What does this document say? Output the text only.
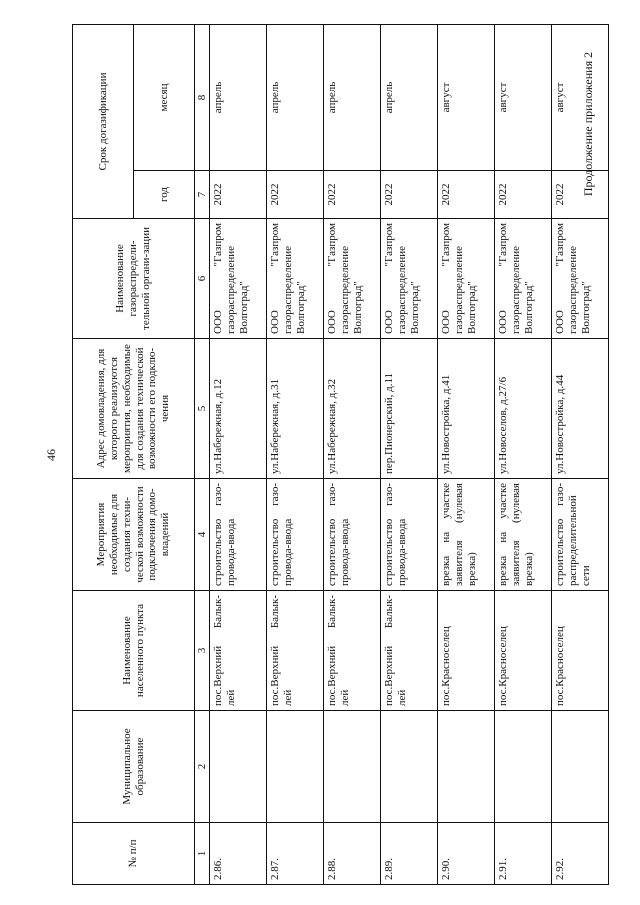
46
Продолжение приложения 2
№ п/п	Муниципальное образование	Наименование населенного пункта	Мероприятия необходимые для создания техни-ческой возможности подключения домо-владений	Адрес домовладения, для которого реализуются мероприятия, необходимые для создания технической возможности его подклю-чения	Наименование газораспредели-тельной органи-зации	Срок догазификации	
						год	месяц
1	2	3	4	5	6	7	8
2.86.		пос.Верхний Балык-лей	строительство газо-провода-ввода	ул.Набережная, д.12	ООО "Газпром газораспределение Волгоград"	2022	апрель
2.87.		пос.Верхний Балык-лей	строительство газо-провода-ввода	ул.Набережная, д.31	ООО "Газпром газораспределение Волгоград"	2022	апрель
2.88.		пос.Верхний Балык-лей	строительство газо-провода-ввода	ул.Набережная, д.32	ООО "Газпром газораспределение Волгоград"	2022	апрель
2.89.		пос.Верхний Балык-лей	строительство газо-провода-ввода	пер.Пионерский, д.11	ООО "Газпром газораспределение Волгоград"	2022	апрель
2.90.		пос.Красноселец	врезка на участке заявителя (нулевая врезка)	ул.Новостройка, д.41	ООО "Газпром газораспределение Волгоград"	2022	август
2.91.		пос.Красноселец	врезка на участке заявителя (нулевая врезка)	ул.Новоселов, д.27/6	ООО "Газпром газораспределение Волгоград"	2022	август
2.92.		пос.Красноселец	строительство газо-распределительной сети	ул.Новостройка, д.44	ООО "Газпром газораспределение Волгоград"	2022	август
